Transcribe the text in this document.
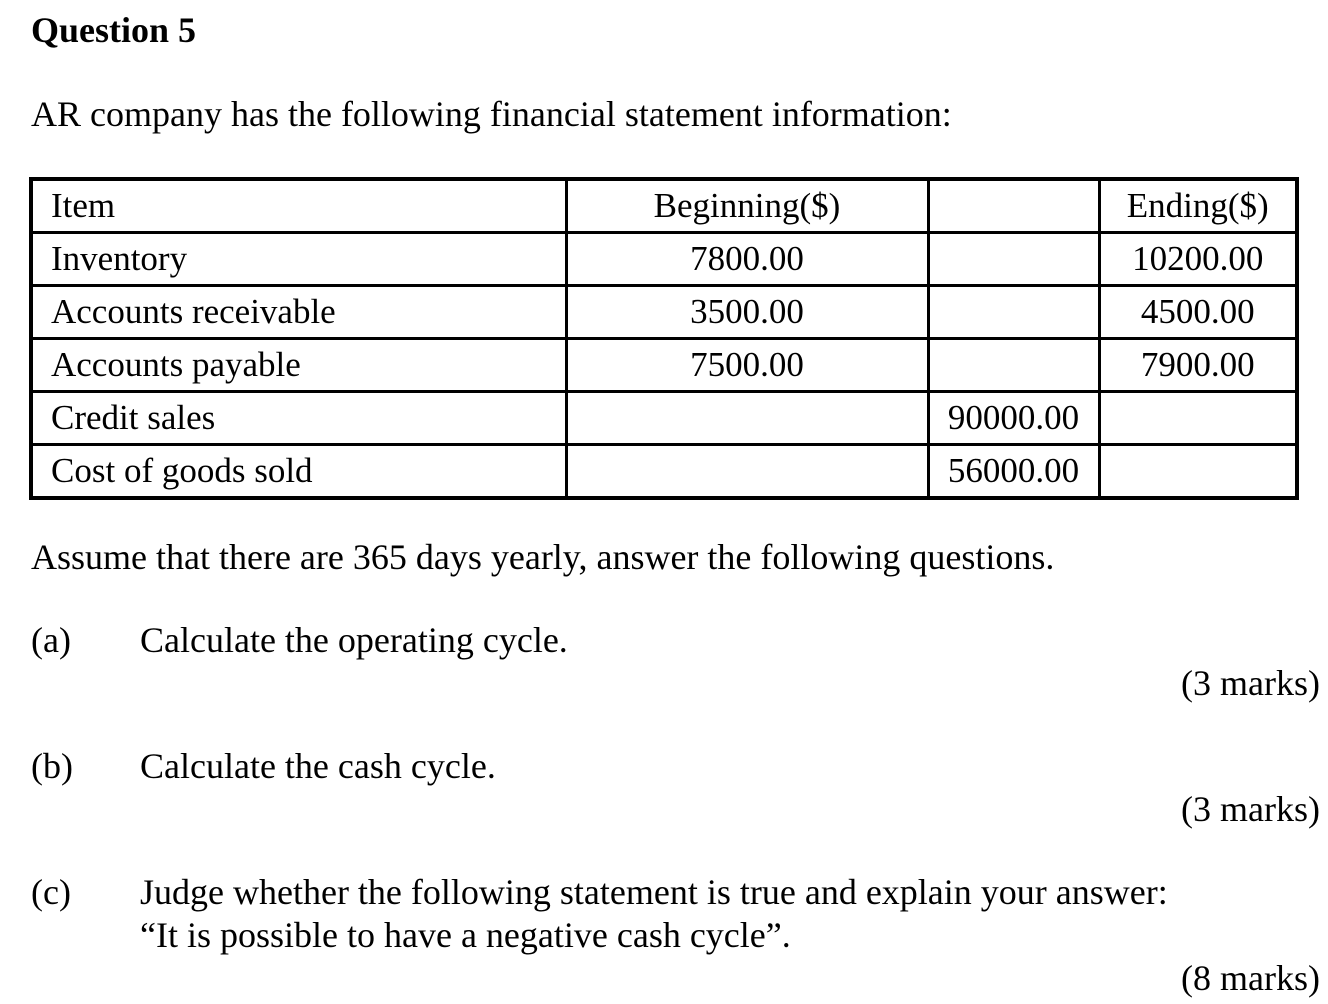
Question 5

AR company has the following financial statement information:

Item	Beginning($)		Ending($)
Inventory	7800.00		10200.00
Accounts receivable	3500.00		4500.00
Accounts payable	7500.00		7900.00
Credit sales		90000.00	
Cost of goods sold		56000.00	

Assume that there are 365 days yearly, answer the following questions.

(a) Calculate the operating cycle.
(3 marks)
(b) Calculate the cash cycle.
(3 marks)
(c) Judge whether the following statement is true and explain your answer:
“It is possible to have a negative cash cycle”.
(8 marks)
